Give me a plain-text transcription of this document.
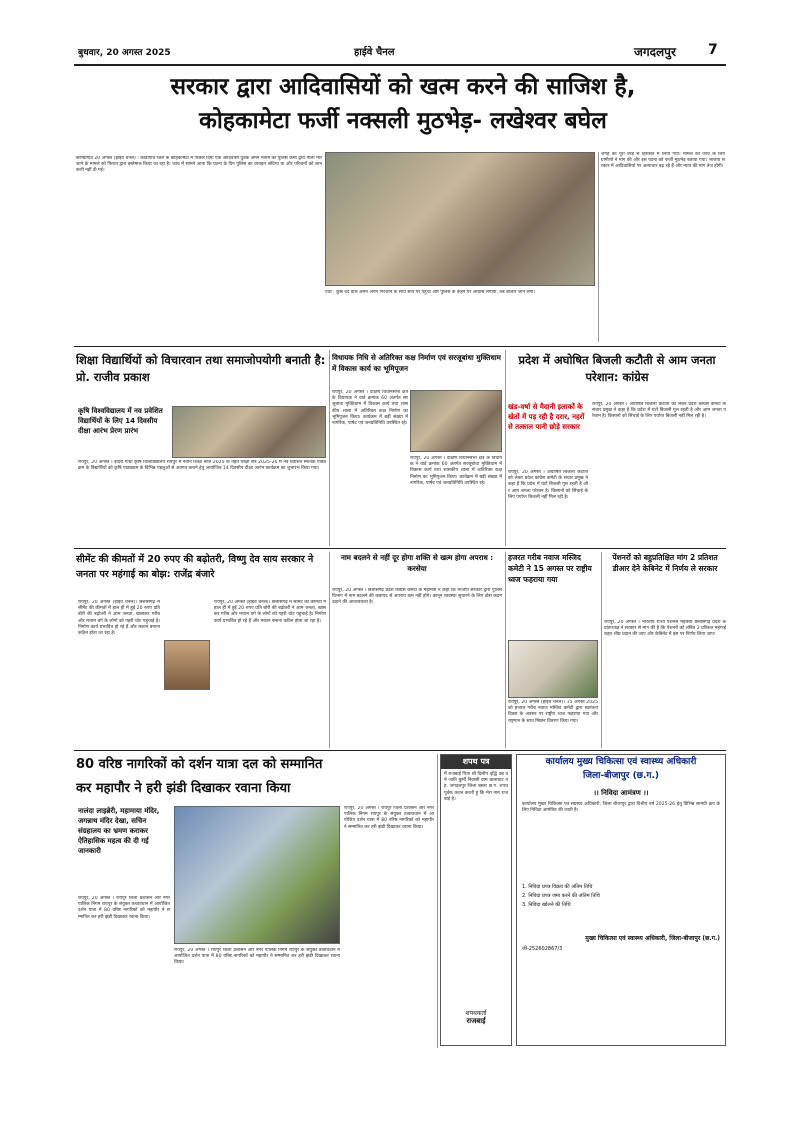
बुधवार, 20 अगस्त 2025	हाईवे चैनल	जगदलपुर 7
सरकार द्वारा आदिवासियों को खत्म करने की साजिश है,
कोहकामेटा फर्जी नक्सली मुठभेड़- लखेश्वर बघेल
कोण्डागांव 20 अगस्त (हाईवे चैनल) : कोंडागांव जिले के कोहकामेटा में पिछले दिनों एक आदिवासी युवक अमन नेताम को पुलिस कर्मी द्वारा गोली मारे जाने के मामले को फिरात द्वारा इस्तेमाल किया जा रहा है। जांच में सामने आया कि घटना के दिन पुलिस का व्यवहार संदिग्ध था और परिजनों को जानकारी नहीं दी गई।
पर्ची : कुछ दर्द वाल अमन अपने गिरजाने के साथ सौंपे पर पहुंचा और पुलिस के कहने पर आवास लगाया, तब बाजार जाने लगा।
जगह को पूरी तरह से हिरासत में लिया गया। मामले की जांच के लिए ग्रामीणों ने मांग की और इस घटना को फर्जी मुठभेड़ बताया गया। भाजपा सरकार में आदिवासियों पर अत्याचार बढ़ रहे हैं और न्याय की मांग तेज होगी।
शिक्षा विद्यार्थियों को विचारवान तथा समाजोपयोगी बनाती है: प्रो. राजीव प्रकाश
कृषि विश्वविद्यालय में नव प्रवेशित विद्यार्थियों के लिए 14 दिवसीय दीक्षा आरंभ प्रेरण प्रारंभ
रायपुर, 20 अगस्त । इंदिरा गांधी कृषि विश्वविद्यालय रायपुर में नवीन शिक्षा नीति 2020 के तहत शिक्षा सत्र 2025-26 में नव प्रवेशित स्नातक पाठ्यक्रम के विद्यार्थियों को कृषि पाठ्यक्रम के विभिन्न पहलुओं से अवगत कराने हेतु आयोजित 14 दिवसीय दीक्षा आरंभ कार्यक्रम का शुभारंभ किया गया।
विधायक निधि से अतिरिक्त कक्ष निर्माण एवं सरजूबांधा मुक्तिधाम में विकास कार्य का भूमिपूजन
रायपुर, 20 अगस्त । दक्षिण विधानसभा क्षेत्र के विधायक ने वार्ड क्रमांक 60 अंतर्गत सरजूबांधा मुक्तिधाम में विकास कार्य तथा शासकीय शाला में अतिरिक्त कक्ष निर्माण का भूमिपूजन किया। कार्यक्रम में बड़ी संख्या में नागरिक, पार्षद एवं जनप्रतिनिधि उपस्थित रहे।
रायपुर, 20 अगस्त । दक्षिण विधानसभा क्षेत्र के विधायक ने वार्ड क्रमांक 60 अंतर्गत सरजूबांधा मुक्तिधाम में विकास कार्य तथा शासकीय शाला में अतिरिक्त कक्ष निर्माण का भूमिपूजन किया। कार्यक्रम में बड़ी संख्या में नागरिक, पार्षद एवं जनप्रतिनिधि उपस्थित रहे।
प्रदेश में अघोषित बिजली कटौती से आम जनता परेशान: कांग्रेस
खंड-वर्षा से मैदानी इलाकों के खेतों में पड़ रही है दरार, नहरों से तत्काल पानी छोड़े सरकार
रायपुर, 20 अगस्त । अघोषित बिजली कटौती को लेकर प्रदेश कांग्रेस कमेटी के संचार प्रमुख ने कहा है कि प्रदेश में घंटों बिजली गुल रहती है और आम जनता परेशान है। किसानों को सिंचाई के लिए पर्याप्त बिजली नहीं मिल रही है।
रायपुर, 20 अगस्त । अघोषित बिजली कटौती को लेकर प्रदेश कांग्रेस कमेटी के संचार प्रमुख ने कहा है कि प्रदेश में घंटों बिजली गुल रहती है और आम जनता परेशान है। किसानों को सिंचाई के लिए पर्याप्त बिजली नहीं मिल रही है।
सीमेंट की कीमतों में 20 रुपए की बढ़ोतरी, विष्णु देव साय सरकार ने जनता पर महंगाई का बोझ: राजेंद्र बंजारे
रायपुर, 20 अगस्त (हाईवे चैनल)। छत्तीसगढ़ में सीमेंट की कीमतों में हाल ही में हुई 20 रुपए प्रति बोरी की बढ़ोतरी ने आम जनता, खासकर गरीब और मध्यम वर्ग के लोगों को गहरी चोट पहुंचाई है। निर्माण कार्य प्रभावित हो रहे हैं और मकान बनाना कठिन होता जा रहा है।
रायपुर, 20 अगस्त (हाईवे चैनल)। छत्तीसगढ़ में सीमेंट की कीमतों में हाल ही में हुई 20 रुपए प्रति बोरी की बढ़ोतरी ने आम जनता, खासकर गरीब और मध्यम वर्ग के लोगों को गहरी चोट पहुंचाई है। निर्माण कार्य प्रभावित हो रहे हैं और मकान बनाना कठिन होता जा रहा है।
नाम बदलने से नहीं दूर होगा शक्ति से खत्म होगा अपराध : करसेया
रायपुर, 20 अगस्त । छत्तीसगढ़ प्रदेश कांग्रेस कमेटी के महामंत्री ने कहा कि भाजपा सरकार द्वारा पुलिस विभाग में नाम बदलने की कवायद से अपराध कम नहीं होंगे। कानून व्यवस्था सुधारने के लिए ठोस कदम उठाने की आवश्यकता है।
हजरत गरीब नवाज मस्जिद कमेटी ने 15 अगस्त पर राष्ट्रीय ध्वज फहराया गया
रायपुर, 20 अगस्त (हाईवे चैनल)। 15 अगस्त 2025 को हजरत गरीब नवाज मस्जिद कमेटी द्वारा स्वतंत्रता दिवस के अवसर पर राष्ट्रीय ध्वज फहराया गया और राष्ट्रगान के साथ मिष्ठान वितरण किया गया।
पेंशनरों को बहुप्रतिक्षित मांग 2 प्रतिशत डीआर देने केबिनेट में निर्णय ले सरकार
रायपुर, 20 अगस्त । भारतीय राज्य पेंशनर्स महासंघ छत्तीसगढ़ प्रदेश के प्रांताध्यक्ष ने सरकार से मांग की है कि पेंशनरों को लंबित 2 प्रतिशत महंगाई राहत शीघ्र प्रदान की जाए और केबिनेट में इस पर निर्णय लिया जाए।
80 वरिष्ठ नागरिकों को दर्शन यात्रा दल को सम्मानित
कर महापौर ने हरी झंडी दिखाकर रवाना किया
नालंदा लाइब्रेरी, महामाया मंदिर, जगन्नाथ मंदिर देखा, सचिन संग्रहालय का भ्रमण कराकर ऐतिहासिक महत्व की दी गई जानकारी
रायपुर, 20 अगस्त । रायपुर जिला प्रशासन और नगर पालिक निगम रायपुर के संयुक्त तत्वावधान में आयोजित दर्शन यात्रा में 80 वरिष्ठ नागरिकों को महापौर ने सम्मानित कर हरी झंडी दिखाकर रवाना किया।
रायपुर, 20 अगस्त । रायपुर जिला प्रशासन और नगर पालिक निगम रायपुर के संयुक्त तत्वावधान में आयोजित दर्शन यात्रा में 80 वरिष्ठ नागरिकों को महापौर ने सम्मानित कर हरी झंडी दिखाकर रवाना किया।
रायपुर, 20 अगस्त । रायपुर जिला प्रशासन और नगर पालिक निगम रायपुर के संयुक्त तत्वावधान में आयोजित दर्शन यात्रा में 80 वरिष्ठ नागरिकों को महापौर ने सम्मानित कर हरी झंडी दिखाकर रवाना किया।
शपथ पत्र
मैं राजबाई पिता श्री दिलीप वृद्धि उम्र वर्ष जाति कुर्मी निवासी ग्राम बालाघाट तह. जगदलपुर जिला बस्तर छ.ग. शपथ पूर्वक कथन करती हूं कि मेरा नाम राजबाई है।
शपथकर्ता
राजबाई
कार्यालय मुख्य चिकित्सा एवं स्वास्थ्य अधिकारी
जिला-बीजापुर (छ.ग.)
।। निविदा आमंत्रण ।।
कार्यालय मुख्य चिकित्सा एवं स्वास्थ्य अधिकारी, जिला बीजापुर द्वारा वित्तीय वर्ष 2025-26 हेतु विभिन्न सामग्री क्रय के लिए निविदा आमंत्रित की जाती है।
1. निविदा प्रपत्र विक्रय की अंतिम तिथि
2. निविदा प्रपत्र जमा करने की अंतिम तिथि
3. निविदा खोलने की तिथि
मुख्य चिकित्सा एवं स्वास्थ्य अधिकारी, जिला-बीजापुर (छ.ग.)
जी-252602867/3
